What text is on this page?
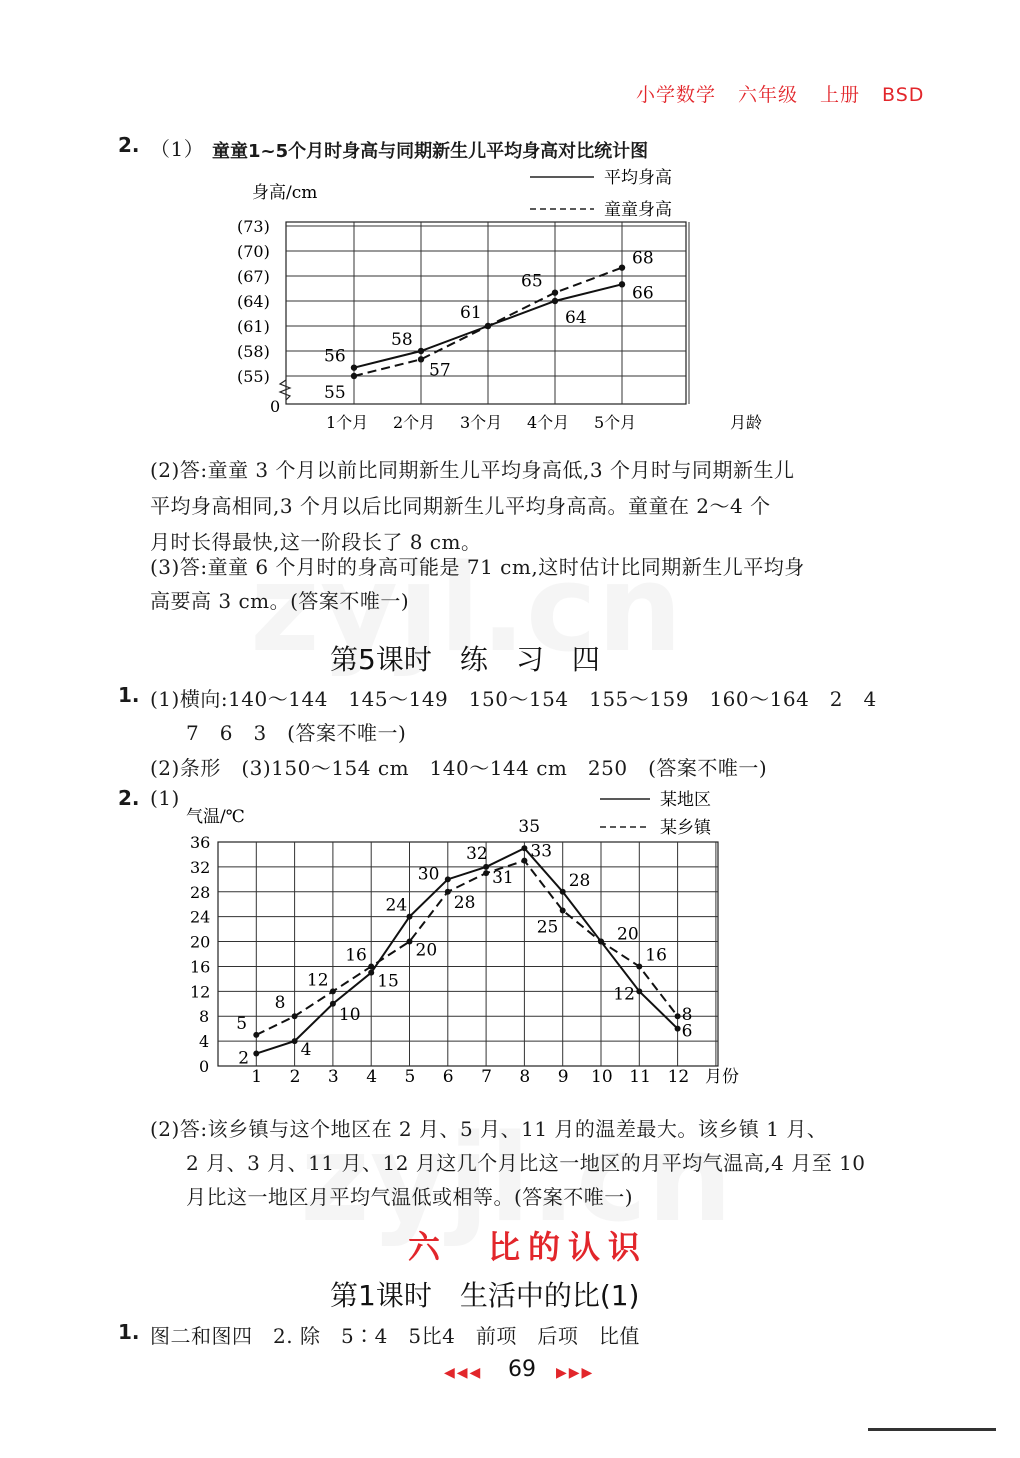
小学数学 六年级 上册 BSD
2. （1） 童童1~5个月时身高与同期新生儿平均身高对比统计图
身高/cm
(55)
(58)
(61)
(64)
(67)
(70)
(73)
0
1个月 2个月 3个月 4个月 5个月	月龄
平均身高
童童身高
56
58
64
66
55
57
61
65
68
(2)答:童童 3 个月以前比同期新生儿平均身高低,3 个月时与同期新生儿
平均身高相同,3 个月以后比同期新生儿平均身高高。童童在 2～4 个
月时长得最快,这一阶段长了 8 cm。
(3)答:童童 6 个月时的身高可能是 71 cm,这时估计比同期新生儿平均身
高要高 3 cm。(答案不唯一)
第5课时　练　习　四
1. (1)横向:140～144　145～149　150～154　155～159　160～164　2　4
7　6　3　(答案不唯一)
(2)条形　(3)150～154 cm　140～144 cm　250　(答案不唯一)
2. (1)
气温/℃
4
8
12
16
20
24
28
32
36
0
1 2 3 4 5 6 7 8 9 10 11 12 月份
某地区
某乡镇
2	4
10
15
24
30
32
35
28
20
12
6
5
8
12
16	20
28
31
33
25
16
8
(2)答:该乡镇与这个地区在 2 月、5 月、11 月的温差最大。该乡镇 1 月、
2 月、3 月、11 月、12 月这几个月比这一地区的月平均气温高,4 月至 10
月比这一地区月平均气温低或相等。(答案不唯一)
六　比的认识
第1课时　生活中的比(1)
1. 图二和图四　2. 除　5∶4　5比4　前项　后项　比值
◀◀◀ 69 ▶▶▶
